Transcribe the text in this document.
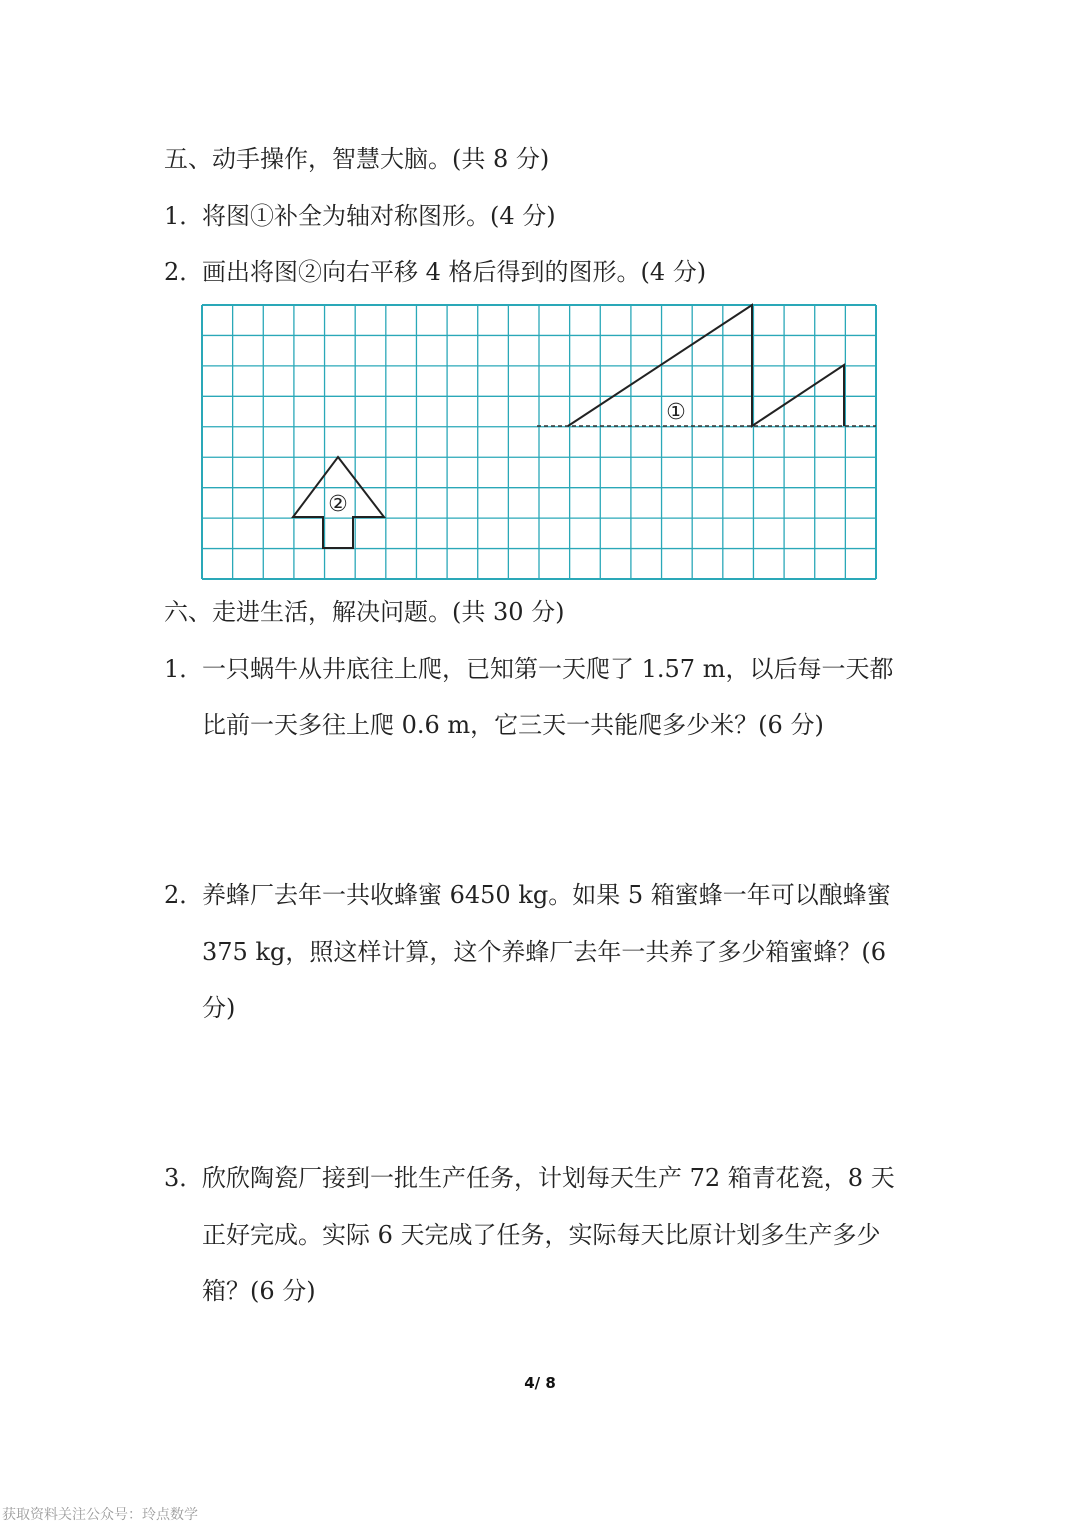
五、动手操作，智慧大脑。(共 8 分)
1．将图①补全为轴对称图形。(4 分)
2．画出将图②向右平移 4 格后得到的图形。(4 分)
①
②
六、走进生活，解决问题。(共 30 分)
1．一只蜗牛从井底往上爬，已知第一天爬了 1.57 m，以后每一天都
比前一天多往上爬 0.6 m，它三天一共能爬多少米？(6 分)
2．养蜂厂去年一共收蜂蜜 6450 kg。如果 5 箱蜜蜂一年可以酿蜂蜜
375 kg，照这样计算，这个养蜂厂去年一共养了多少箱蜜蜂？(6
分)
3．欣欣陶瓷厂接到一批生产任务，计划每天生产 72 箱青花瓷，8 天
正好完成。实际 6 天完成了任务，实际每天比原计划多生产多少
箱？(6 分)
4/ 8
获取资料关注公众号：玲点数学
